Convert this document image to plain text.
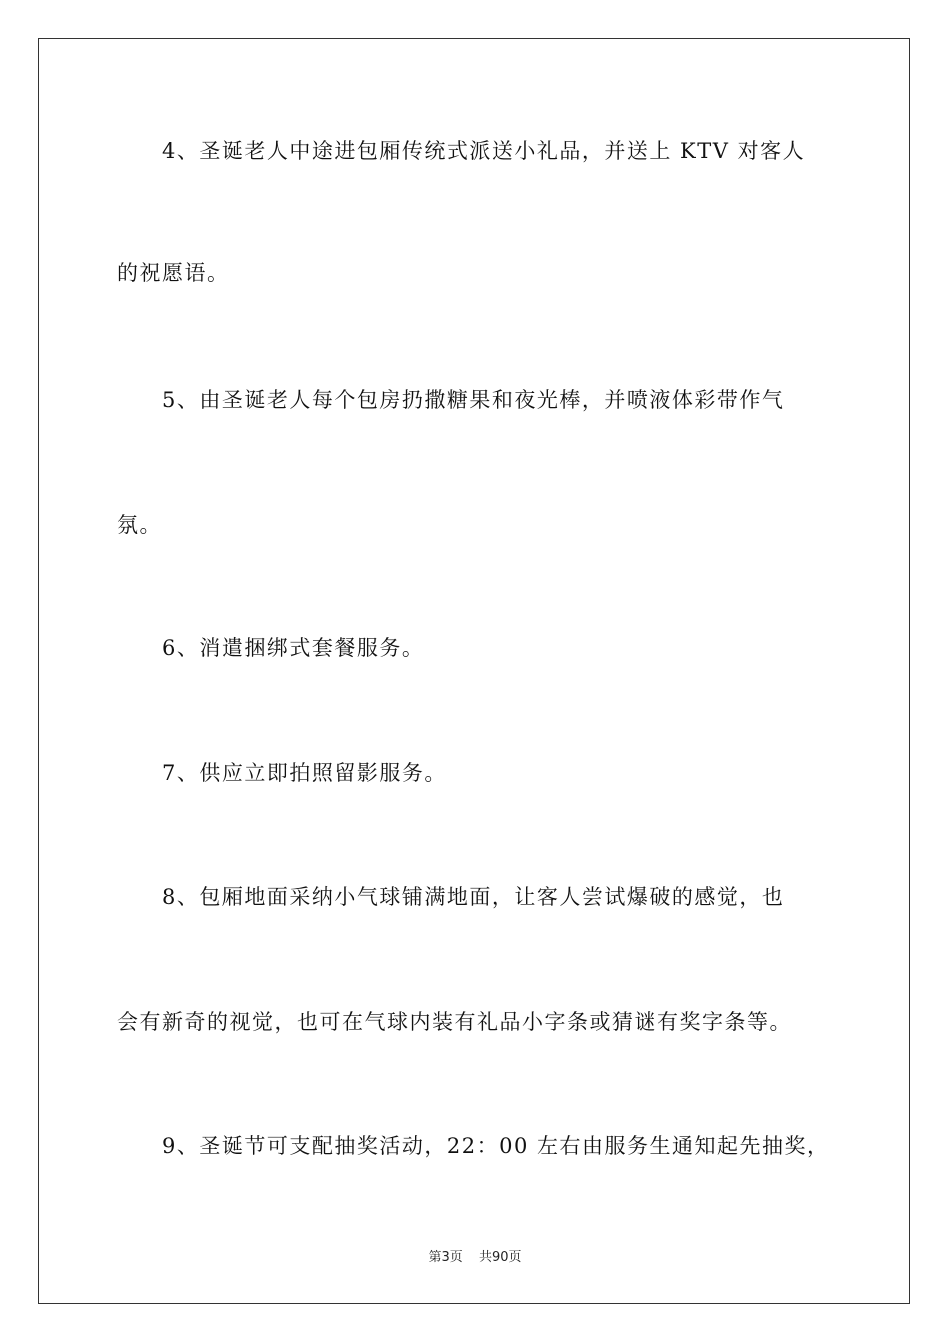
4、圣诞老人中途进包厢传统式派送小礼品，并送上 KTV 对客人
的祝愿语。
5、由圣诞老人每个包房扔撒糖果和夜光棒，并喷液体彩带作气
氛。
6、消遣捆绑式套餐服务。
7、供应立即拍照留影服务。
8、包厢地面采纳小气球铺满地面，让客人尝试爆破的感觉，也
会有新奇的视觉，也可在气球内装有礼品小字条或猜谜有奖字条等。
9、圣诞节可支配抽奖活动，22：00 左右由服务生通知起先抽奖，
第3页 共90页
